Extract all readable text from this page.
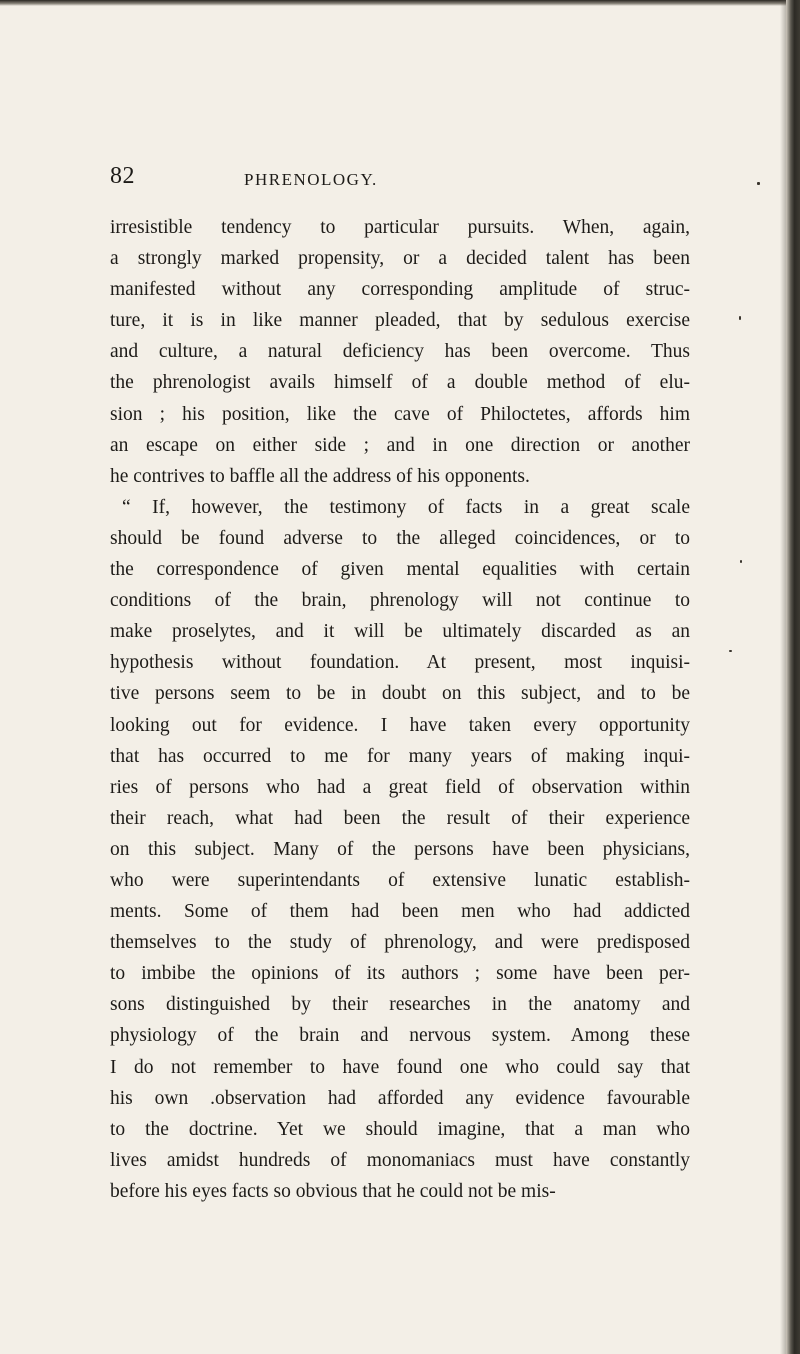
82	PHRENOLOGY.
irresistible tendency to particular pursuits. When, again,
a strongly marked propensity, or a decided talent has been
manifested without any corresponding amplitude of struc-
ture, it is in like manner pleaded, that by sedulous exercise
and culture, a natural deficiency has been overcome. Thus
the phrenologist avails himself of a double method of elu-
sion ; his position, like the cave of Philoctetes, affords him
an escape on either side ; and in one direction or another
he contrives to baffle all the address of his opponents.
“ If, however, the testimony of facts in a great scale
should be found adverse to the alleged coincidences, or to
the correspondence of given mental equalities with certain
conditions of the brain, phrenology will not continue to
make proselytes, and it will be ultimately discarded as an
hypothesis without foundation. At present, most inquisi-
tive persons seem to be in doubt on this subject, and to be
looking out for evidence. I have taken every opportunity
that has occurred to me for many years of making inqui-
ries of persons who had a great field of observation within
their reach, what had been the result of their experience
on this subject. Many of the persons have been physicians,
who were superintendants of extensive lunatic establish-
ments. Some of them had been men who had addicted
themselves to the study of phrenology, and were predisposed
to imbibe the opinions of its authors ; some have been per-
sons distinguished by their researches in the anatomy and
physiology of the brain and nervous system. Among these
I do not remember to have found one who could say that
his own .observation had afforded any evidence favourable
to the doctrine. Yet we should imagine, that a man who
lives amidst hundreds of monomaniacs must have constantly
before his eyes facts so obvious that he could not be mis-
